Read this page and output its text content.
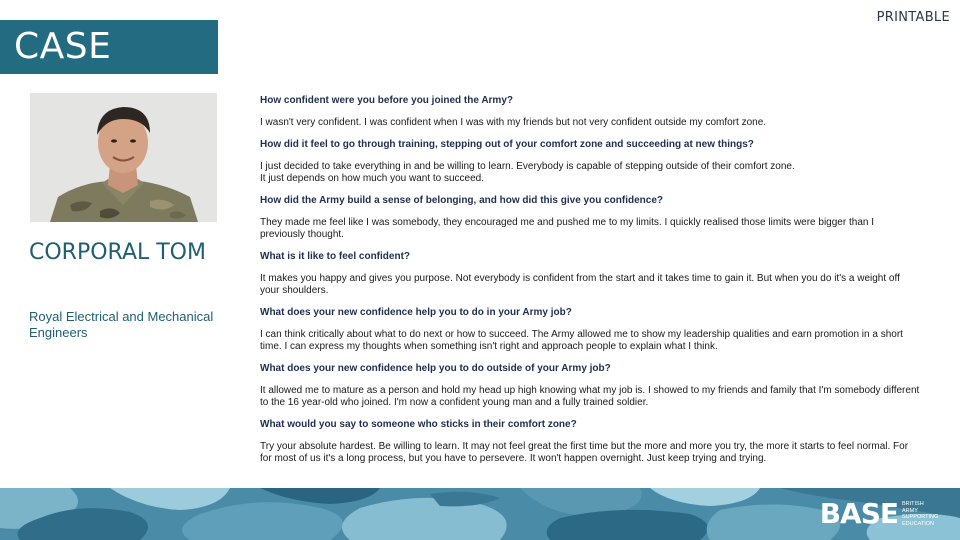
PRINTABLE
CASE
CORPORAL TOM
Royal Electrical and Mechanical Engineers
How confident were you before you joined the Army?
I wasn't very confident. I was confident when I was with my friends but not very confident outside my comfort zone.
How did it feel to go through training, stepping out of your comfort zone and succeeding at new things?
I just decided to take everything in and be willing to learn. Everybody is capable of stepping outside of their comfort zone.
It just depends on how much you want to succeed.
How did the Army build a sense of belonging, and how did this give you confidence?
They made me feel like I was somebody, they encouraged me and pushed me to my limits. I quickly realised those limits were bigger than I previously thought.
What is it like to feel confident?
It makes you happy and gives you purpose. Not everybody is confident from the start and it takes time to gain it. But when you do it's a weight off your shoulders.
What does your new confidence help you to do in your Army job?
I can think critically about what to do next or how to succeed. The Army allowed me to show my leadership qualities and earn promotion in a short time. I can express my thoughts when something isn't right and approach people to explain what I think.
What does your new confidence help you to do outside of your Army job?
It allowed me to mature as a person and hold my head up high knowing what my job is. I showed to my friends and family that I'm somebody different to the 16 year-old who joined. I'm now a confident young man and a fully trained soldier.
What would you say to someone who sticks in their comfort zone?
Try your absolute hardest. Be willing to learn. It may not feel great the first time but the more and more you try, the more it starts to feel normal. For for most of us it's a long process, but you have to persevere. It won't happen overnight. Just keep trying and trying.
BASE BRITISH ARMY SUPPORTING EDUCATION
